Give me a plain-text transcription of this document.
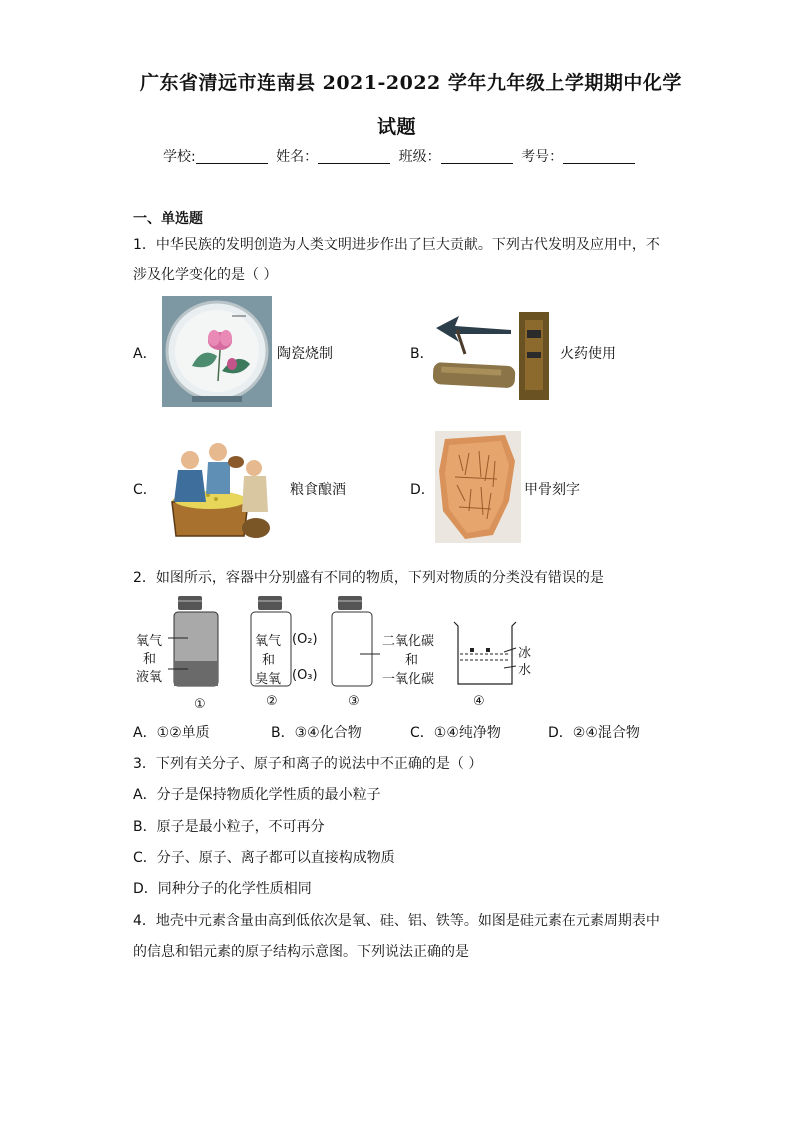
广东省清远市连南县 2021-2022 学年九年级上学期期中化学
试题
学校:	姓名：	班级：	考号：
一、单选题
1．中华民族的发明创造为人类文明进步作出了巨大贡献。下列古代发明及应用中，不
涉及化学变化的是（ ）
A．	陶瓷烧制	B．	火药使用
C．	粮食酿酒	D．	甲骨刻字
2．如图所示，容器中分别盛有不同的物质，下列对物质的分类没有错误的是
氧气
和
液氧
①
氧气 (O₂)
和
臭氧 (O₃)
②
二氧化碳
和
一氧化碳
③
冰
水
④
A．①②单质	B．③④化合物	C．①④纯净物	D．②④混合物
3．下列有关分子、原子和离子的说法中不正确的是（ ）
A．分子是保持物质化学性质的最小粒子
B．原子是最小粒子，不可再分
C．分子、原子、离子都可以直接构成物质
D．同种分子的化学性质相同
4．地壳中元素含量由高到低依次是氧、硅、铝、铁等。如图是硅元素在元素周期表中
的信息和铝元素的原子结构示意图。下列说法正确的是
